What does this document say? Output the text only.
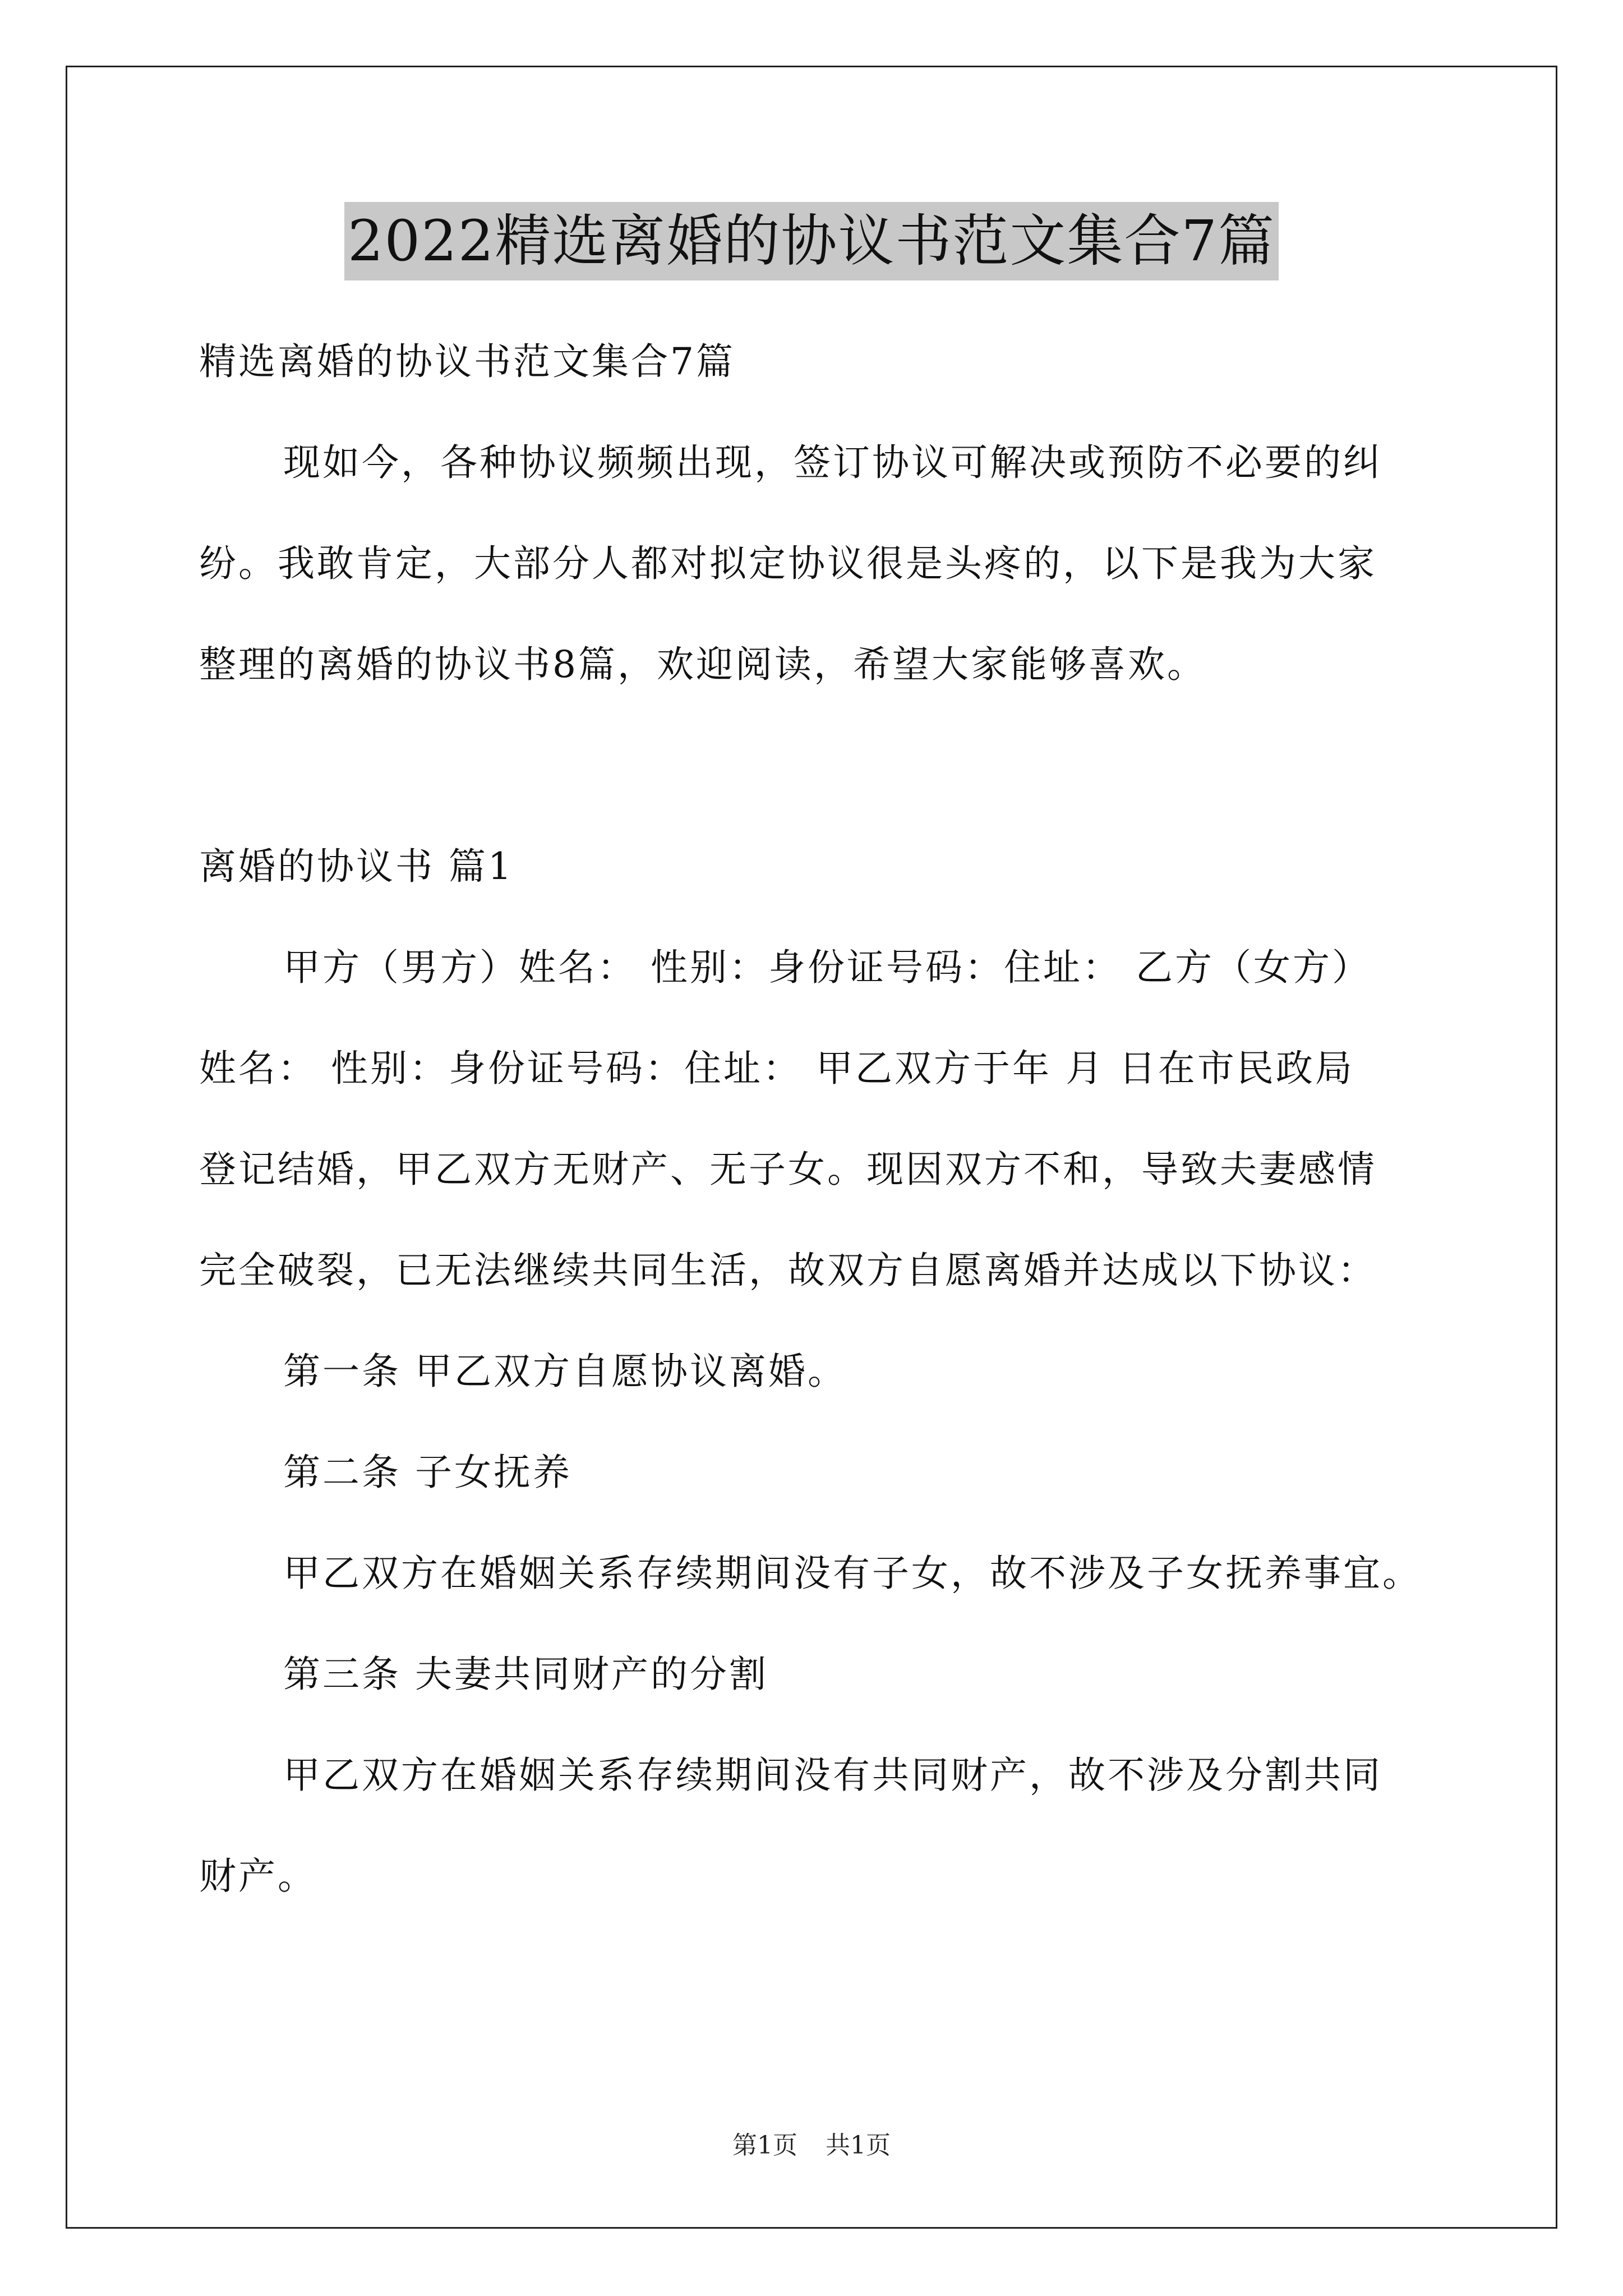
2022精选离婚的协议书范文集合7篇
精选离婚的协议书范文集合7篇
现如今，各种协议频频出现，签订协议可解决或预防不必要的纠
纷。我敢肯定，大部分人都对拟定协议很是头疼的，以下是我为大家
整理的离婚的协议书8篇，欢迎阅读，希望大家能够喜欢。
离婚的协议书 篇1
甲方（男方）姓名： 性别：身份证号码：住址： 乙方（女方）
姓名： 性别：身份证号码：住址： 甲乙双方于年 月 日在市民政局
登记结婚，甲乙双方无财产、无子女。现因双方不和，导致夫妻感情
完全破裂，已无法继续共同生活，故双方自愿离婚并达成以下协议：
第一条 甲乙双方自愿协议离婚。
第二条 子女抚养
甲乙双方在婚姻关系存续期间没有子女，故不涉及子女抚养事宜。
第三条 夫妻共同财产的分割
甲乙双方在婚姻关系存续期间没有共同财产，故不涉及分割共同
财产。
第1页 共1页
